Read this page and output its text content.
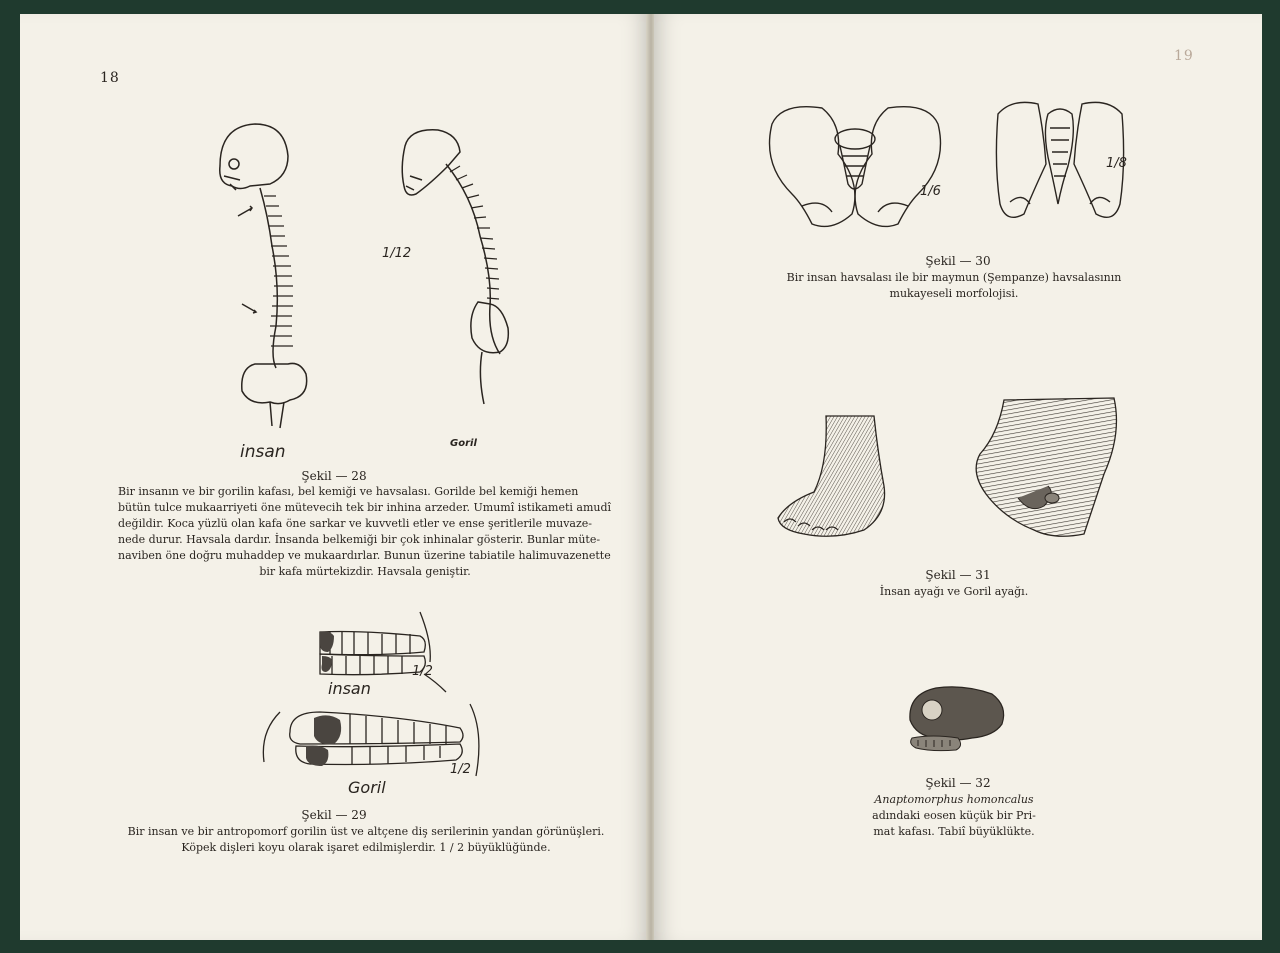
18
1/12
insan	Goril
Şekil — 28
Bir insanın ve bir gorilin kafası, bel kemiği ve havsalası. Gorilde bel kemiği hemen
bütün tulce mukaarriyeti öne mütevecih tek bir inhina arzeder. Umumî istikameti amudî
değildir. Koca yüzlü olan kafa öne sarkar ve kuvvetli etler ve ense şeritlerile muvaze-
nede durur. Havsala dardır. İnsanda belkemiği bir çok inhinalar gösterir. Bunlar müte-
naviben öne doğru muhaddep ve mukaardırlar. Bunun üzerine tabiatile halimuvazenette
bir kafa mürtekizdir. Havsala geniştir.
insan
1/2
Goril
1/2
Şekil — 29
Bir insan ve bir antropomorf gorilin üst ve altçene diş serilerinin yandan görünüşleri.
Köpek dişleri koyu olarak işaret edilmişlerdir. 1 / 2 büyüklüğünde.
19
1/6
1/8
Şekil — 30
Bir insan havsalası ile bir maymun (Şempanze) havsalasının
mukayeseli morfolojisi.
Şekil — 31
İnsan ayağı ve Goril ayağı.
Şekil — 32
Anaptomorphus homoncalus
adındaki eosen küçük bir Pri-
mat kafası. Tabiî büyüklükte.
